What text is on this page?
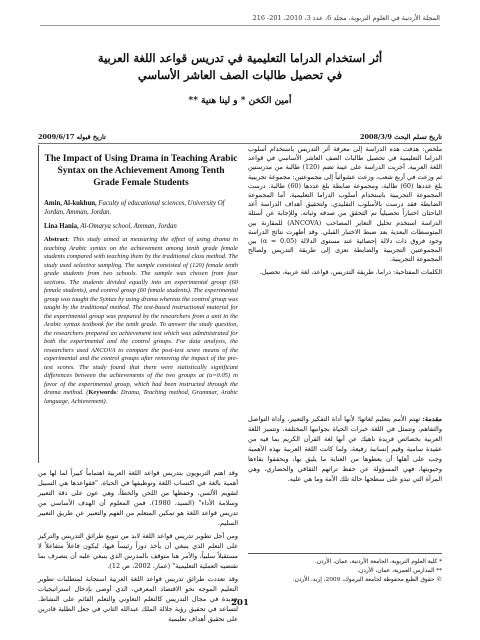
المجلة الأردنية في العلوم التربوية، مجلد 6، عدد 3، 2010، 201- 216
أثر استخدام الدراما التعليمية في تدريس قواعد اللغة العربية
في تحصيل طالبات الصف العاشر الأساسي
أمين الكخن * و لينا هنية **
تاريخ تسلم البحث 2008/3/9
تاريخ قبوله 2009/6/17

ملخص: هدفت هذه الدراسة إلى معرفة أثر التدريس باستخدام أسلوب الدراما التعليمية في تحصيل طالبات الصف العاشر الأساسي في قواعد اللغة العربية. أجريت الدراسة على عينة تضم (120) طالبة من مدرستين ثم وزعت في أربع شعب، وزعت عشوائياً إلى مجموعتين: مجموعة تجريبية بلغ عددها (60) طالبة، ومجموعة ضابطة بلغ عددها (60) طالبة. درست المجموعة التجريبية باستخدام أسلوب الدراما التعليمية، أما المجموعة الضابطة فقد درست بالأسلوب التقليدي. ولتحقيق أهداف الدراسة أعد الباحثان اختباراً تحصيلياً تم التحقق من صدقه وثباته. وللإجابة عن أسئلة الدراسة استخدم تحليل التغاير المصاحب (ANCOVA) للمقارنة بين المتوسطات البعدية بعد ضبط الاختبار القبلي. وقد أظهرت نتائج الدراسة وجود فروق ذات دلالة إحصائية عند مستوى الدلالة (α = 0.05) بين المجموعتين التجريبية والضابطة تعزى إلى طريقة التدريس ولصالح المجموعة التجريبية.

الكلمات المفتاحية: دراما، طريقة التدريس، قواعد، لغة عربية، تحصيل.

The Impact of Using Drama in Teaching Arabic Syntax on the Achievement Among Tenth Grade Female Students
Amin, Al-kukhun, Faculty of educational sciences, University Of Jordan, Amman, Jordan.
Lina Hania, Al-Omarya school, Amman, Jordan
Abstract: This study aimed at measuring the effect of using drama in teaching Arabic syntax on the achievement among tenth grade female students compared with teaching them by the traditional class method. The study used selective sampling. The sample consisted of (120) female tenth grade students from two schools. The sample was chosen from four sections. The students divided equally into an experimental group (60 female students), and control group (60 female students). The experimental group was taught the Syntax by using drama whereas the control group was taught by the traditional method. The test-based instructional material for the experimental group was prepared by the researchers from a unit in the Arabic syntax textbook for the tenth grade. To answer the study question, the researchers prepared an achievement test which was administrated for both the experimental and the control groups. For data analysis, the researchers used ANCOVA to compare the post-test score means of the experimental and the control groups after removing the impact of the pre-test scores. The study found that there were statistically significant differences between the achievements of the two groups at (α=0.05) in favor of the experimental group, which had been instructed through the drama method. (Keywords: Drama, Teaching method, Grammar, Arabic language, Achievement).

مقدمة: تهتم الأمم بتعليم لغاتها؛ لأنها أداة التفكير والتعبير، وأداة التواصل والتفاهم، وتتمثل في اللغة خبرات الحياة بجوانبها المختلفة، وتتميز اللغة العربية بخصائص فريدة ناهيك عن أنها لغة القرآن الكريم بما فيه من عقيدة سامية وقيم إنسانية رفيعة، ولما كانت اللغة العربية بهذه الأهمية وجب على أهلها أن يعطوها من العناية ما يليق بها، ويحققوا بقاءها وحيويتها، فهي المسؤولة عن حفظ تراثهم الثقافي والحضاري، وهي المرآة التي تبدو على سطحها حالة تلك الأمة وما هي عليه.

وقد اهتم التربويون بتدريس قواعد اللغة العربية اهتماماً كبيراً لما لها من أهمية بالغة في اكتساب اللغة وتوظيفها في الحياة، "فقواعدها هي السبيل لتقويم الألسن، وحفظها من اللحن والخطأ، وهي عون على دقة التعبير وسلامة الأداء" (السيد، 1980). فمن المعلوم أن الهدف الأساسي من تدريس قواعد اللغة هو تمكين المتعلم من الفهم والتعبير عن طريق التعبير السليم.

ومن أجل تطوير تدريس قواعد اللغة لابد من تنويع طرائق التدريس والتركيز على التعلم الذي ينبغي أن يأخذ دوراً رئيساً فيها، ليكون فاعلاً متفاعلاً لا مستقبلاً سلبياً، والأمر هنا متوقف بالمدرس الذي ينبغي عليه أن يتصرف بما تقتضيه العملية التعليمية" (عمار، 2002، ص 12).

وقد تعددت طرائق تدريس قواعد اللغة العربية استجابة لمتطلبات تطوير التعليم الموجه نحو الاقتصاد المعرفي، الذي أوصى بإدخال استراتيجيات جديدة في مجال التدريس كالتعلم التعاوني والتعلم القائم على النشاط. لتساعد في تحقيق رؤية جلالة الملك عبدالله الثاني في جعل الطلبة قادرين على تحقيق أهداف تعليمية

* كلية العلوم التربوية، الجامعة الأردنية، عمان، الأردن.

** المدارس العمرية، عمان، الأردن.

© حقوق الطبع محفوظة لجامعة اليرموك، 2009، إربد، الأردن.

201
